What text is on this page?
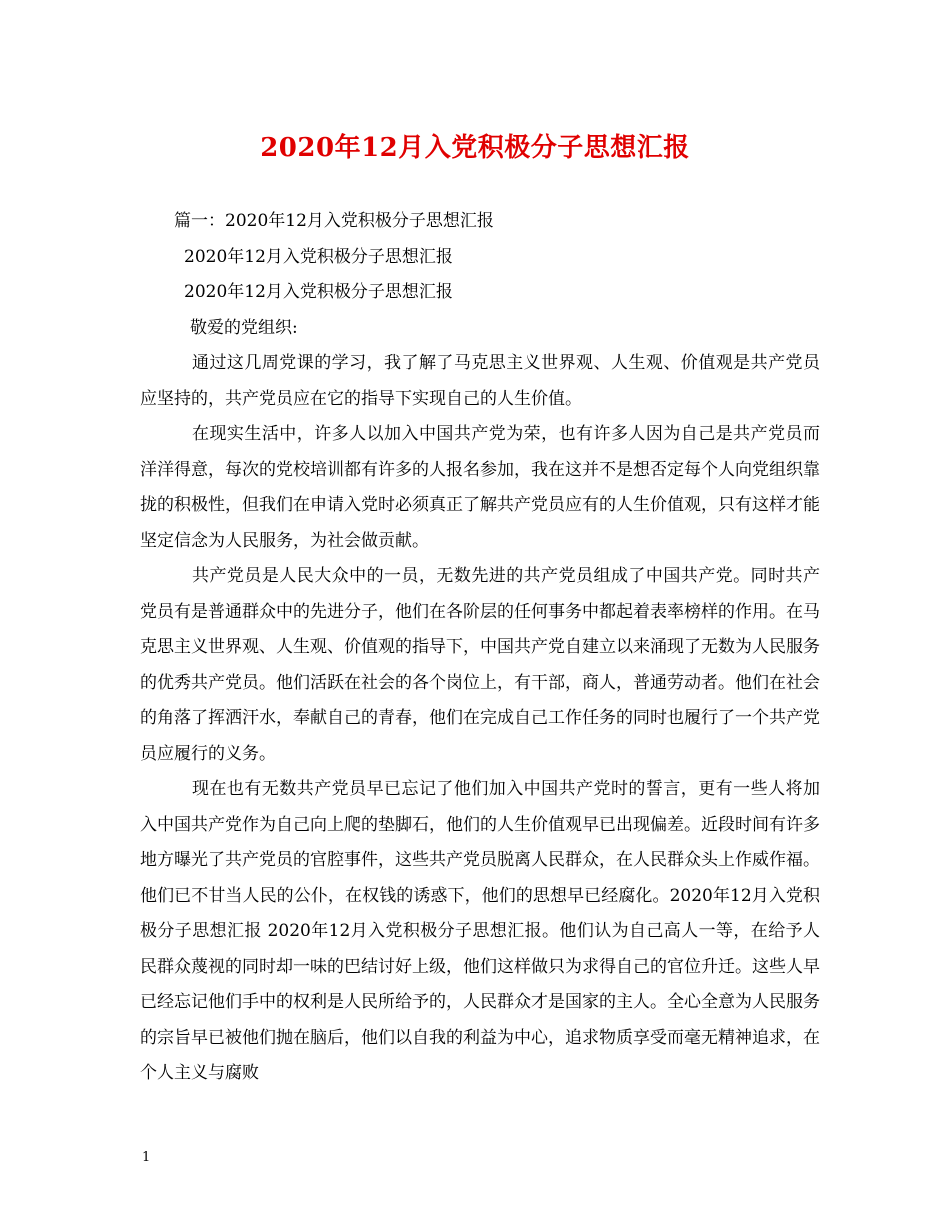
2020年12月入党积极分子思想汇报

篇一：2020年12月入党积极分子思想汇报

2020年12月入党积极分子思想汇报

2020年12月入党积极分子思想汇报

敬爱的党组织:

通过这几周党课的学习，我了解了马克思主义世界观、人生观、价值观是共产党员应坚持的，共产党员应在它的指导下实现自己的人生价值。

在现实生活中，许多人以加入中国共产党为荣，也有许多人因为自己是共产党员而洋洋得意，每次的党校培训都有许多的人报名参加，我在这并不是想否定每个人向党组织靠拢的积极性，但我们在申请入党时必须真正了解共产党员应有的人生价值观，只有这样才能坚定信念为人民服务，为社会做贡献。

共产党员是人民大众中的一员，无数先进的共产党员组成了中国共产党。同时共产党员有是普通群众中的先进分子，他们在各阶层的任何事务中都起着表率榜样的作用。在马克思主义世界观、人生观、价值观的指导下，中国共产党自建立以来涌现了无数为人民服务的优秀共产党员。他们活跃在社会的各个岗位上，有干部，商人，普通劳动者。他们在社会的角落了挥洒汗水，奉献自己的青春，他们在完成自己工作任务的同时也履行了一个共产党员应履行的义务。

现在也有无数共产党员早已忘记了他们加入中国共产党时的誓言，更有一些人将加入中国共产党作为自己向上爬的垫脚石，他们的人生价值观早已出现偏差。近段时间有许多地方曝光了共产党员的官腔事件，这些共产党员脱离人民群众，在人民群众头上作威作福。他们已不甘当人民的公仆，在权钱的诱惑下，他们的思想早已经腐化。2020年12月入党积极分子思想汇报 2020年12月入党积极分子思想汇报。他们认为自己高人一等，在给予人民群众蔑视的同时却一味的巴结讨好上级，他们这样做只为求得自己的官位升迁。这些人早已经忘记他们手中的权利是人民所给予的，人民群众才是国家的主人。全心全意为人民服务的宗旨早已被他们抛在脑后，他们以自我的利益为中心，追求物质享受而毫无精神追求，在个人主义与腐败

1
